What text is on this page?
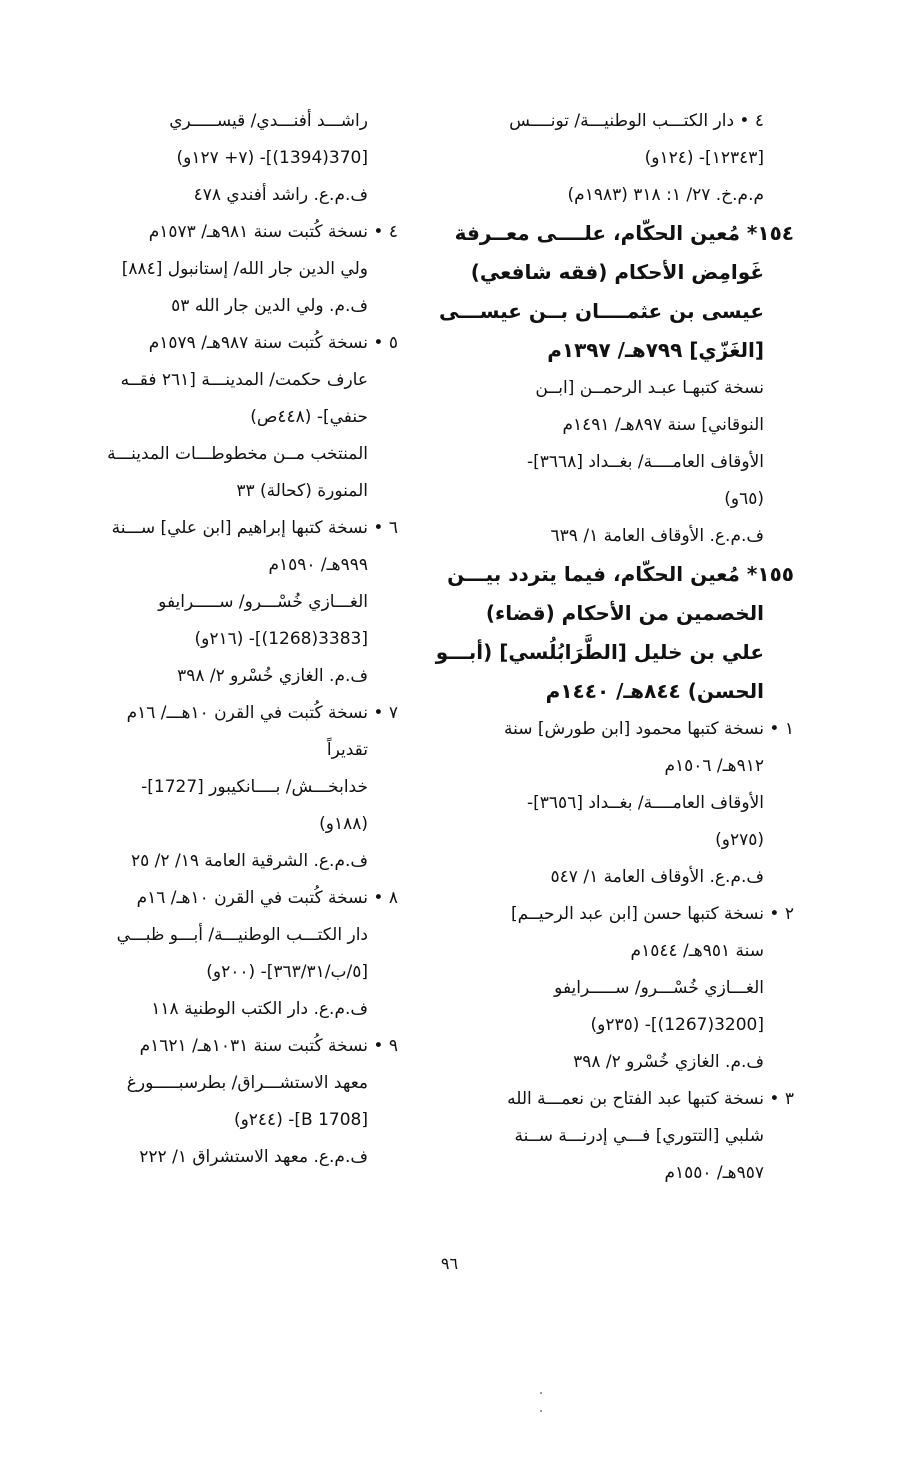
٤ • دار الكتـــب الوطنيـــة/ تونــــس
[١٢٣٤٣]- (١٢٤و)
م.م.خ. ٢٧/ ١: ٣١٨ (١٩٨٣م)
١٥٤* مُعين الحكّام، علــــى معــرفة
غَوامِض الأحكام (فقه شافعي)
عيسى بن عثمــــان بــن عيســـى
[الغَزّي] ٧٩٩هـ/ ١٣٩٧م
نسخة كتبهـا عبـد الرحمــن [ابــن
النوقاني] سنة ٨٩٧هـ/ ١٤٩١م
الأوقاف العامــــة/ بغــداد [٣٦٦٨]-
(٦٥و)
ف.م.ع. الأوقاف العامة ١/ ٦٣٩
١٥٥* مُعين الحكّام، فيما يتردد بيـــن
الخصمين من الأحكام (قضاء)
علي بن خليل [الطَّرَابُلُسي] (أبـــو
الحسن) ٨٤٤هـ/ ١٤٤٠م
١ • نسخة كتبها محمود [ابن طورش] سنة
٩١٢هـ/ ١٥٠٦م
الأوقاف العامــــة/ بغــداد [٣٦٥٦]-
(٢٧٥و)
ف.م.ع. الأوقاف العامة ١/ ٥٤٧
٢ • نسخة كتبها حسن [ابن عبد الرحيــم]
سنة ٩٥١هـ/ ١٥٤٤م
الغـــازي خُسْـــرو/ ســـــرايفو
[3200(1267)]- (٢٣٥و)
ف.م. الغازي خُسْرو ٢/ ٣٩٨
٣ • نسخة كتبها عبد الفتاح بن نعمـــة الله
شلبي [التتوري] فـــي إدرنـــة ســنة
٩٥٧هـ/ ١٥٥٠م
راشـــد أفنـــدي/ قيســـــري
[370(1394)]- (٧+ ١٢٧و)
ف.م.ع. راشد أفندي ٤٧٨
٤ • نسخة كُتبت سنة ٩٨١هـ/ ١٥٧٣م
ولي الدين جار الله/ إستانبول [٨٨٤]
ف.م. ولي الدين جار الله ٥٣
٥ • نسخة كُتبت سنة ٩٨٧هـ/ ١٥٧٩م
عارف حكمت/ المدينـــة [٢٦١ فقــه
حنفي]- (٤٤٨ص)
المنتخب مــن مخطوطـــات المدينـــة
المنورة (كحالة) ٣٣
٦ • نسخة كتبها إبراهيم [ابن علي] ســـنة
٩٩٩هـ/ ١٥٩٠م
الغـــازي خُسْـــرو/ ســـــرايفو
[3383(1268)]- (٢١٦و)
ف.م. الغازي خُسْرو ٢/ ٣٩٨
٧ • نسخة كُتبت في القرن ١٠هـــ/ ١٦م
تقديراً
خدابخـــش/ بــــانكيبور [1727]-
(١٨٨و)
ف.م.ع. الشرقية العامة ١٩/ ٢/ ٢٥
٨ • نسخة كُتبت في القرن ١٠هـ/ ١٦م
دار الكتـــب الوطنيـــة/ أبـــو ظبـــي
[٥/ب/٣٦٣/٣١]- (٢٠٠و)
ف.م.ع. دار الكتب الوطنية ١١٨
٩ • نسخة كُتبت سنة ١٠٣١هـ/ ١٦٢١م
معهد الاستشـــراق/ بطرسبـــــورغ
[B 1708]- (٢٤٤و)
ف.م.ع. معهد الاستشراق ١/ ٢٢٢
٩٦
